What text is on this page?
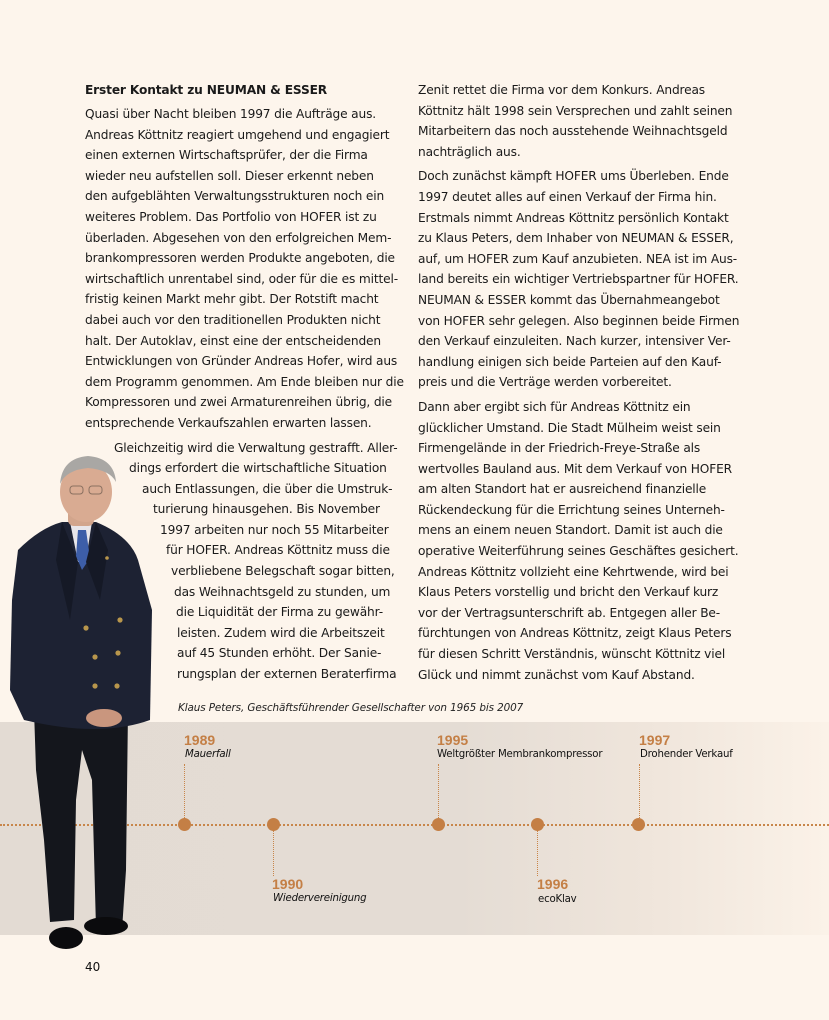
1989
Mauerfall
1990
Wiedervereinigung
1995
Weltgrößter Membrankompressor
1996
ecoKlav
1997
Drohender Verkauf
Erster Kontakt zu NEUMAN & ESSER

Quasi über Nacht bleiben 1997 die Aufträge aus.
Andreas Köttnitz reagiert umgehend und engagiert
einen externen Wirtschaftsprüfer, der die Firma
wieder neu aufstellen soll. Dieser erkennt neben
den aufgeblähten Verwaltungsstrukturen noch ein
weiteres Problem. Das Portfolio von HOFER ist zu
überladen. Abgesehen von den erfolgreichen Mem-
brankompressoren werden Produkte angeboten, die
wirtschaftlich unrentabel sind, oder für die es mittel-
fristig keinen Markt mehr gibt. Der Rotstift macht
dabei auch vor den traditionellen Produkten nicht
halt. Der Autoklav, einst eine der entscheidenden
Entwicklungen von Gründer Andreas Hofer, wird aus
dem Programm genommen. Am Ende bleiben nur die
Kompressoren und zwei Armaturenreihen übrig, die
entsprechende Verkaufszahlen erwarten lassen.

Gleichzeitig wird die Verwaltung gestrafft. Aller-
dings erfordert die wirtschaftliche Situation
auch Entlassungen, die über die Umstruk-
turierung hinausgehen. Bis November
1997 arbeiten nur noch 55 Mitarbeiter
für HOFER. Andreas Köttnitz muss die
verbliebene Belegschaft sogar bitten,
das Weihnachtsgeld zu stunden, um
die Liquidität der Firma zu gewähr-
leisten. Zudem wird die Arbeitszeit
auf 45 Stunden erhöht. Der Sanie-
rungsplan der externen Beraterfirma

Zenit rettet die Firma vor dem Konkurs. Andreas
Köttnitz hält 1998 sein Versprechen und zahlt seinen
Mitarbeitern das noch ausstehende Weihnachtsgeld
nachträglich aus.

Doch zunächst kämpft HOFER ums Überleben. Ende
1997 deutet alles auf einen Verkauf der Firma hin.
Erstmals nimmt Andreas Köttnitz persönlich Kontakt
zu Klaus Peters, dem Inhaber von NEUMAN & ESSER,
auf, um HOFER zum Kauf anzubieten. NEA ist im Aus-
land bereits ein wichtiger Vertriebspartner für HOFER.
NEUMAN & ESSER kommt das Übernahmeangebot
von HOFER sehr gelegen. Also beginnen beide Firmen
den Verkauf einzuleiten. Nach kurzer, intensiver Ver-
handlung einigen sich beide Parteien auf den Kauf-
preis und die Verträge werden vorbereitet.

Dann aber ergibt sich für Andreas Köttnitz ein
glücklicher Umstand. Die Stadt Mülheim weist sein
Firmengelände in der Friedrich-Freye-Straße als
wertvolles Bauland aus. Mit dem Verkauf von HOFER
am alten Standort hat er ausreichend finanzielle
Rückendeckung für die Errichtung seines Unterneh-
mens an einem neuen Standort. Damit ist auch die
operative Weiterführung seines Geschäftes gesichert.
Andreas Köttnitz vollzieht eine Kehrtwende, wird bei
Klaus Peters vorstellig und bricht den Verkauf kurz
vor der Vertragsunterschrift ab. Entgegen aller Be-
fürchtungen von Andreas Köttnitz, zeigt Klaus Peters
für diesen Schritt Verständnis, wünscht Köttnitz viel
Glück und nimmt zunächst vom Kauf Abstand.

Klaus Peters, Geschäftsführender Gesellschafter von 1965 bis 2007
40
